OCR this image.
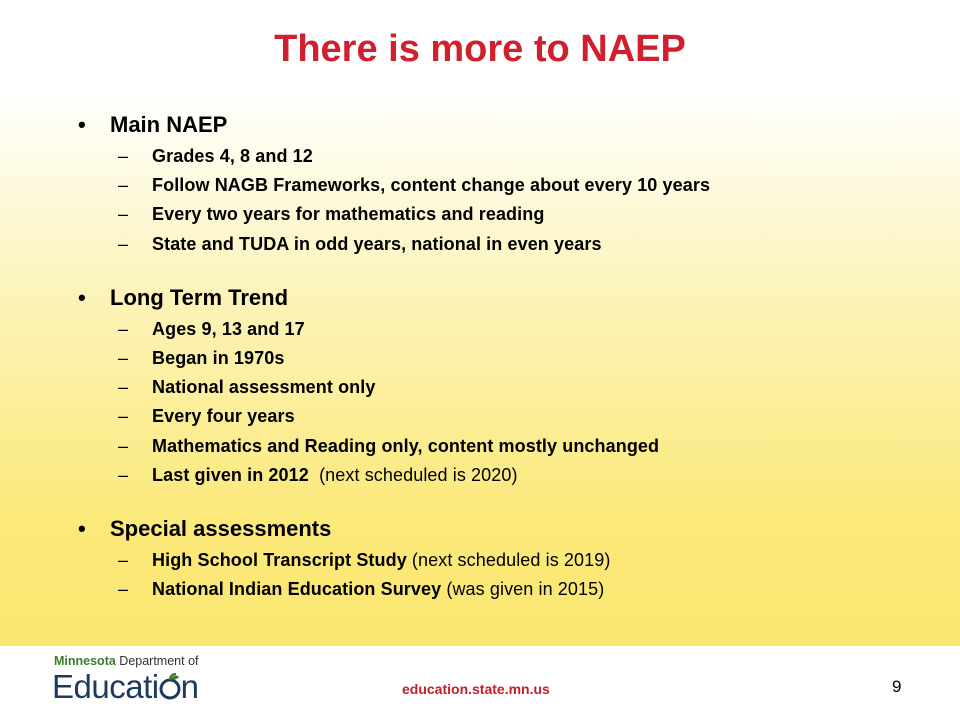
There is more to NAEP
•	Main NAEP
–	Grades 4, 8 and 12
–	Follow NAGB Frameworks, content change about every 10 years
–	Every two years for mathematics and reading
–	State and TUDA in odd years, national in even years
•	Long Term Trend
–	Ages 9, 13 and 17
–	Began in 1970s
–	National assessment only
–	Every four years
–	Mathematics and Reading only, content mostly unchanged
–	Last given in 2012 (next scheduled is 2020)
•	Special assessments
–	High School Transcript Study (next scheduled is 2019)
–	National Indian Education Survey (was given in 2015)
Minnesota Department of
Educati n	education.state.mn.us	9
